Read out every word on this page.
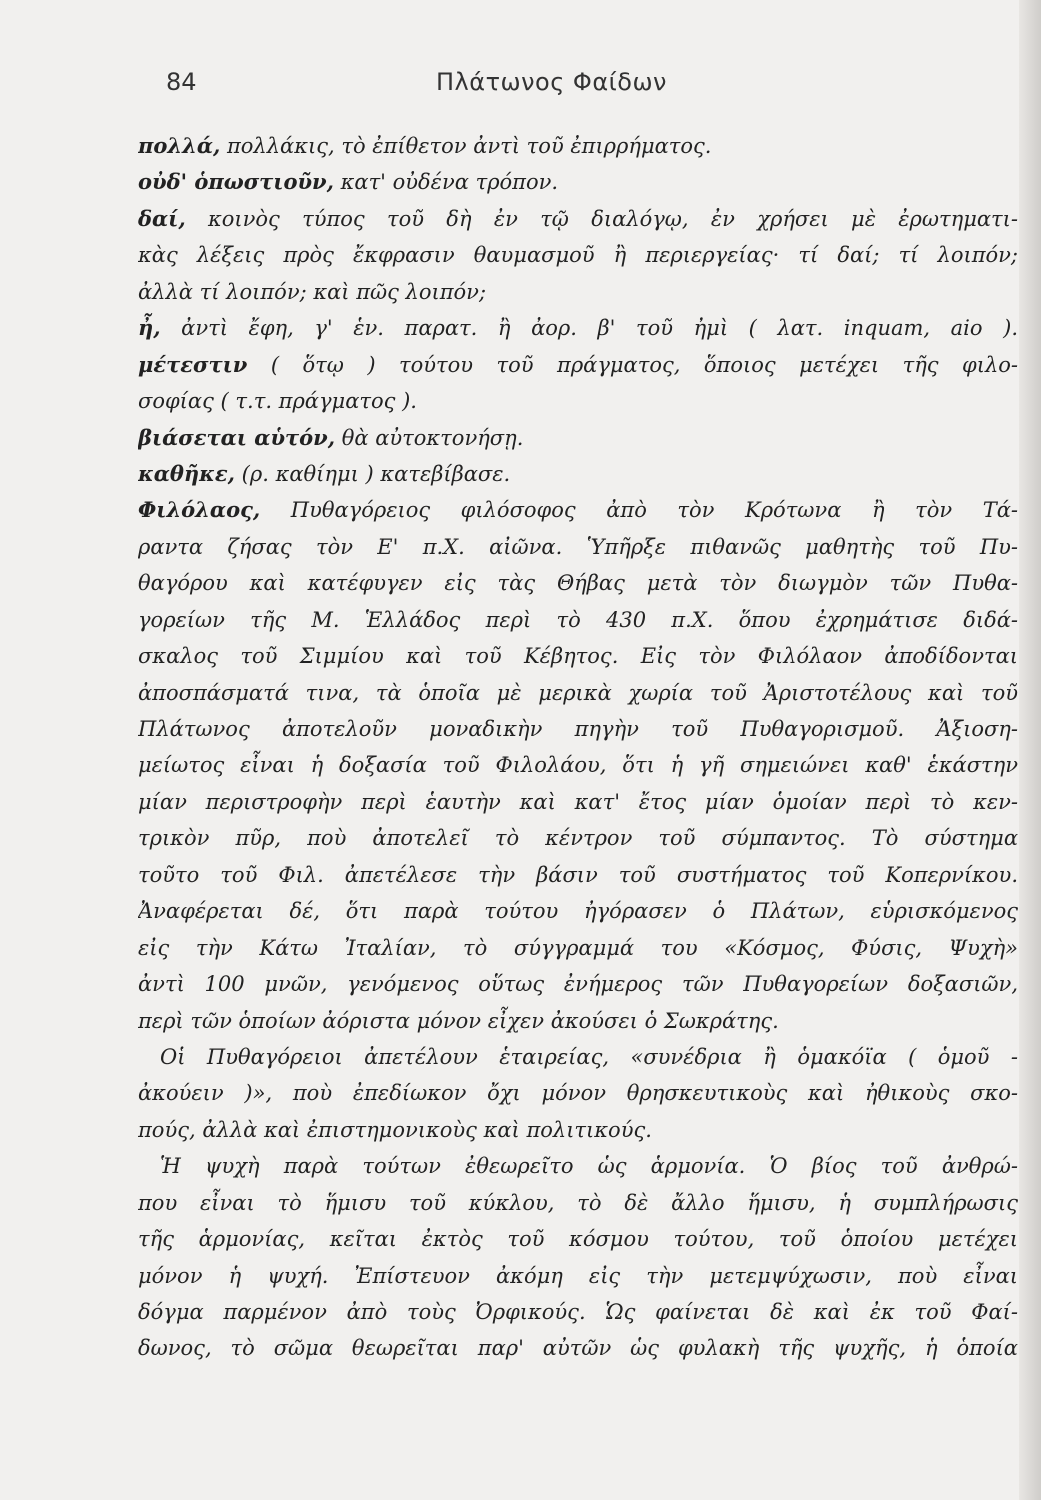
84	Πλάτωνος Φαίδων
πολλά, πολλάκις, τὸ ἐπίθετον ἀντὶ τοῦ ἐπιρρήματος.
οὐδ' ὁπωστιοῦν, κατ' οὐδένα τρόπον.
δαί, κοινὸς τύπος τοῦ δὴ ἐν τῷ διαλόγῳ, ἐν χρήσει μὲ ἐρωτηματι-
κὰς λέξεις πρὸς ἔκφρασιν θαυμασμοῦ ἢ περιεργείας· τί δαί; τί λοιπόν;
ἀλλὰ τί λοιπόν; καὶ πῶς λοιπόν;
ἦ, ἀντὶ ἔφη, γ' ἑν. παρατ. ἢ ἀορ. β' τοῦ ἠμὶ ( λατ. inquam, aio ).
μέτεστιν ( ὅτῳ ) τούτου τοῦ πράγματος, ὅποιος μετέχει τῆς φιλο-
σοφίας ( τ.τ. πράγματος ).
βιάσεται αὑτόν, θὰ αὐτοκτονήσῃ.
καθῆκε, (ρ. καθίημι ) κατεβίβασε.
Φιλόλαος, Πυθαγόρειος φιλόσοφος ἀπὸ τὸν Κρότωνα ἢ τὸν Τά-
ραντα ζήσας τὸν Ε' π.Χ. αἰῶνα. Ὑπῆρξε πιθανῶς μαθητὴς τοῦ Πυ-
θαγόρου καὶ κατέφυγεν εἰς τὰς Θήβας μετὰ τὸν διωγμὸν τῶν Πυθα-
γορείων τῆς Μ. Ἑλλάδος περὶ τὸ 430 π.Χ. ὅπου ἐχρημάτισε διδά-
σκαλος τοῦ Σιμμίου καὶ τοῦ Κέβητος. Εἰς τὸν Φιλόλαον ἀποδίδονται
ἀποσπάσματά τινα, τὰ ὁποῖα μὲ μερικὰ χωρία τοῦ Ἀριστοτέλους καὶ τοῦ
Πλάτωνος ἀποτελοῦν μοναδικὴν πηγὴν τοῦ Πυθαγορισμοῦ. Ἀξιοση-
μείωτος εἶναι ἡ δοξασία τοῦ Φιλολάου, ὅτι ἡ γῆ σημειώνει καθ' ἑκάστην
μίαν περιστροφὴν περὶ ἑαυτὴν καὶ κατ' ἔτος μίαν ὁμοίαν περὶ τὸ κεν-
τρικὸν πῦρ, ποὺ ἀποτελεῖ τὸ κέντρον τοῦ σύμπαντος. Τὸ σύστημα
τοῦτο τοῦ Φιλ. ἀπετέλεσε τὴν βάσιν τοῦ συστήματος τοῦ Κοπερνίκου.
Ἀναφέρεται δέ, ὅτι παρὰ τούτου ἠγόρασεν ὁ Πλάτων, εὑρισκόμενος
εἰς τὴν Κάτω Ἰταλίαν, τὸ σύγγραμμά του «Κόσμος, Φύσις, Ψυχὴ»
ἀντὶ 100 μνῶν, γενόμενος οὕτως ἐνήμερος τῶν Πυθαγορείων δοξασιῶν,
περὶ τῶν ὁποίων ἀόριστα μόνον εἶχεν ἀκούσει ὁ Σωκράτης.
Οἱ Πυθαγόρειοι ἀπετέλουν ἑταιρείας, «συνέδρια ἢ ὁμακόϊα ( ὁμοῦ -
ἀκούειν )», ποὺ ἐπεδίωκον ὄχι μόνον θρησκευτικοὺς καὶ ἠθικοὺς σκο-
πούς, ἀλλὰ καὶ ἐπιστημονικοὺς καὶ πολιτικούς.
Ἡ ψυχὴ παρὰ τούτων ἐθεωρεῖτο ὡς ἁρμονία. Ὁ βίος τοῦ ἀνθρώ-
που εἶναι τὸ ἥμισυ τοῦ κύκλου, τὸ δὲ ἄλλο ἥμισυ, ἡ συμπλήρωσις
τῆς ἁρμονίας, κεῖται ἐκτὸς τοῦ κόσμου τούτου, τοῦ ὁποίου μετέχει
μόνον ἡ ψυχή. Ἐπίστευον ἀκόμη εἰς τὴν μετεμψύχωσιν, ποὺ εἶναι
δόγμα παρμένον ἀπὸ τοὺς Ὀρφικούς. Ὡς φαίνεται δὲ καὶ ἐκ τοῦ Φαί-
δωνος, τὸ σῶμα θεωρεῖται παρ' αὐτῶν ὡς φυλακὴ τῆς ψυχῆς, ἡ ὁποία
